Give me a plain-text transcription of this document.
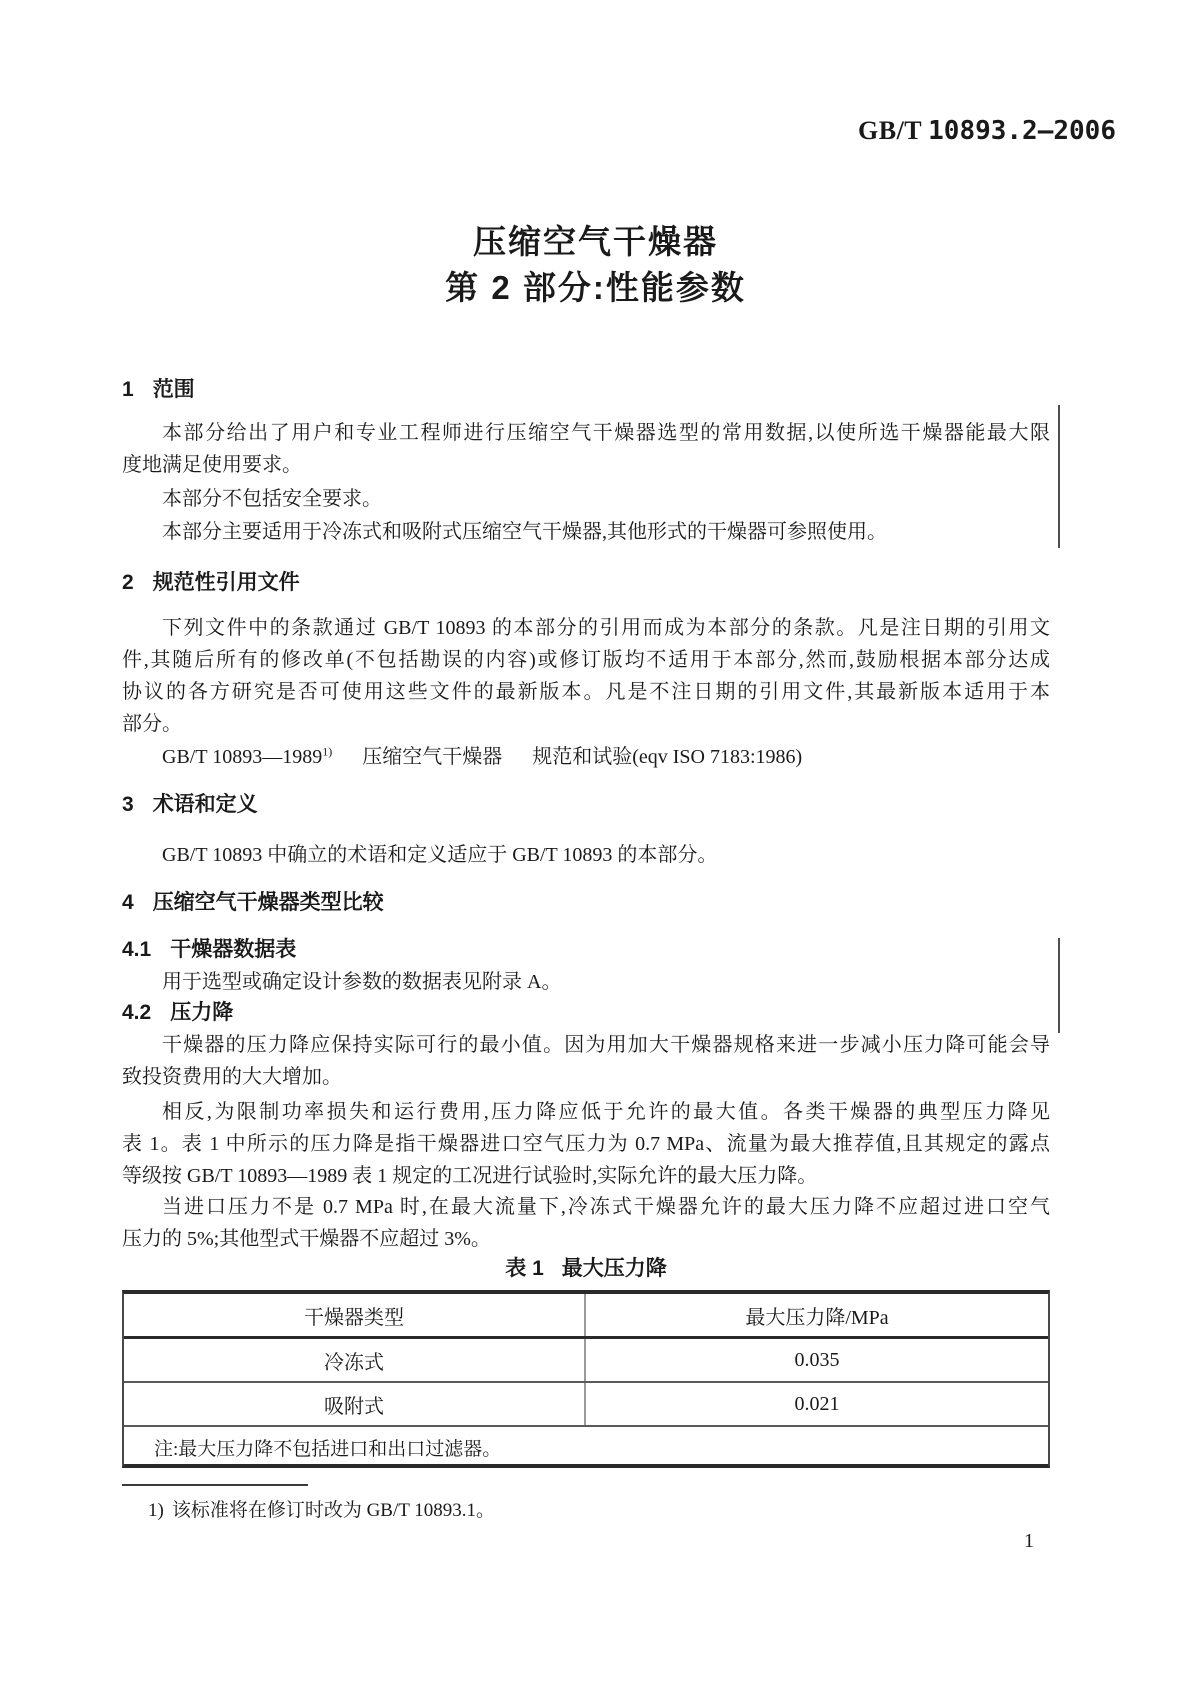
GB/T 10893.2—2006
压缩空气干燥器
第 2 部分:性能参数
1 范围
本部分给出了用户和专业工程师进行压缩空气干燥器选型的常用数据,以使所选干燥器能最大限
度地满足使用要求。
本部分不包括安全要求。
本部分主要适用于冷冻式和吸附式压缩空气干燥器,其他形式的干燥器可参照使用。
2 规范性引用文件
下列文件中的条款通过 GB/T 10893 的本部分的引用而成为本部分的条款。凡是注日期的引用文
件,其随后所有的修改单(不包括勘误的内容)或修订版均不适用于本部分,然而,鼓励根据本部分达成
协议的各方研究是否可使用这些文件的最新版本。凡是不注日期的引用文件,其最新版本适用于本
部分。
GB/T 10893—1989$^{1)}$ 压缩空气干燥器 规范和试验(eqv ISO 7183:1986)
3 术语和定义
GB/T 10893 中确立的术语和定义适应于 GB/T 10893 的本部分。
4 压缩空气干燥器类型比较
4.1 干燥器数据表
用于选型或确定设计参数的数据表见附录 A。
4.2 压力降
干燥器的压力降应保持实际可行的最小值。因为用加大干燥器规格来进一步减小压力降可能会导
致投资费用的大大增加。
相反,为限制功率损失和运行费用,压力降应低于允许的最大值。各类干燥器的典型压力降见
表 1。表 1 中所示的压力降是指干燥器进口空气压力为 0.7 MPa、流量为最大推荐值,且其规定的露点
等级按 GB/T 10893—1989 表 1 规定的工况进行试验时,实际允许的最大压力降。
当进口压力不是 0.7 MPa 时,在最大流量下,冷冻式干燥器允许的最大压力降不应超过进口空气
压力的 5%;其他型式干燥器不应超过 3%。
表 1 最大压力降
干燥器类型	最大压力降/MPa
冷冻式	0.035
吸附式	0.021
注:最大压力降不包括进口和出口过滤器。
1) 该标准将在修订时改为 GB/T 10893.1。
1
